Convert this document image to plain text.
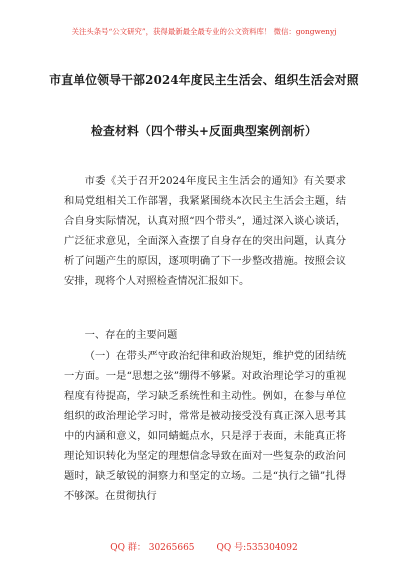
关注头条号“公文研究”，获得最新最全最专业的公文资料库！ 微信：gongwenyj
市直单位领导干部2024年度民主生活会、组织生活会对照
检查材料（四个带头+反面典型案例剖析）

市委《关于召开2024年度民主生活会的通知》有关要求和局党组相关工作部署，我紧紧围绕本次民主生活会主题，结合自身实际情况，认真对照“四个带头”，通过深入谈心谈话，广泛征求意见，全面深入查摆了自身存在的突出问题，认真分析了问题产生的原因，逐项明确了下一步整改措施。按照会议安排，现将个人对照检查情况汇报如下。

一、存在的主要问题

（一）在带头严守政治纪律和政治规矩，维护党的团结统一方面。一是“思想之弦”绷得不够紧。对政治理论学习的重视程度有待提高，学习缺乏系统性和主动性。例如，在参与单位组织的政治理论学习时，常常是被动接受没有真正深入思考其中的内涵和意义，如同蜻蜓点水，只是浮于表面，未能真正将理论知识转化为坚定的理想信念导致在面对一些复杂的政治问题时，缺乏敏锐的洞察力和坚定的立场。二是“执行之锚”扎得不够深。在贯彻执行

QQ 群： 30265665 QQ 号:535304092
